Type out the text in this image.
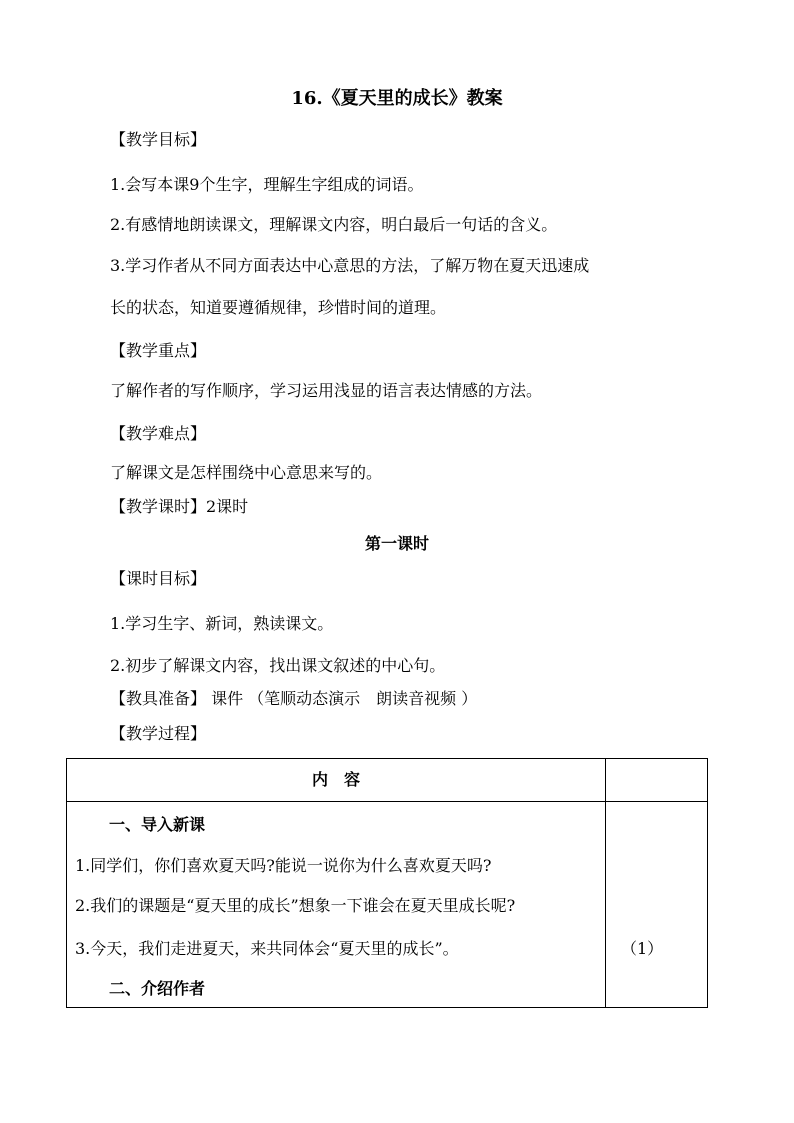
16.《夏天里的成长》教案
【教学目标】
1.会写本课9个生字，理解生字组成的词语。
2.有感情地朗读课文，理解课文内容，明白最后一句话的含义。
3.学习作者从不同方面表达中心意思的方法，了解万物在夏天迅速成
长的状态，知道要遵循规律，珍惜时间的道理。
【教学重点】
了解作者的写作顺序，学习运用浅显的语言表达情感的方法。
【教学难点】
了解课文是怎样围绕中心意思来写的。
【教学课时】2课时
第一课时
【课时目标】
1.学习生字、新词，熟读课文。
2.初步了解课文内容，找出课文叙述的中心句。
【教具准备】 课件 （笔顺动态演示　朗读音视频 ）
【教学过程】
内　容
一、导入新课
1.同学们，你们喜欢夏天吗?能说一说你为什么喜欢夏天吗?
2.我们的课题是“夏天里的成长”想象一下谁会在夏天里成长呢?
3.今天，我们走进夏天，来共同体会“夏天里的成长”。	（1）
二、介绍作者
